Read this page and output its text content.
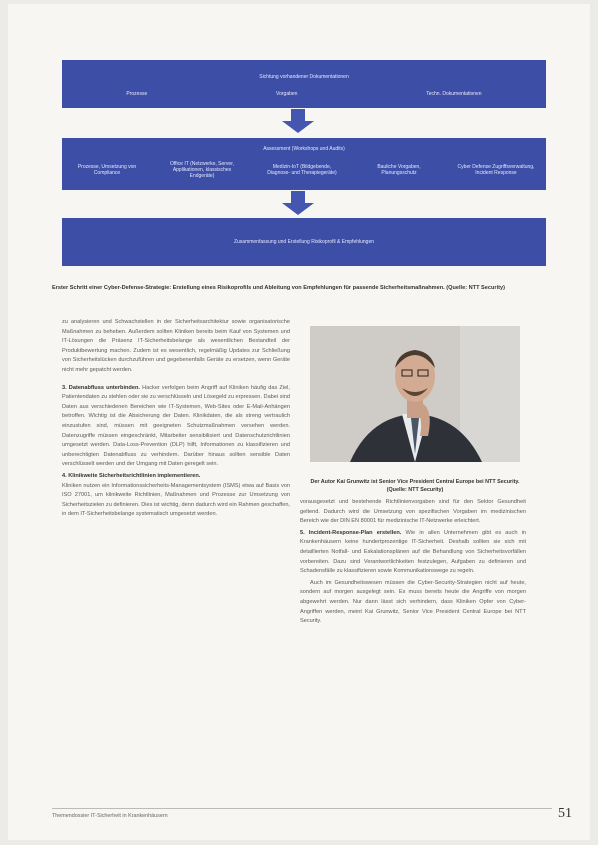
Sichtung vorhandener Dokumentationen
Prozesse	Vorgaben	Techn. Dokumentationen
Assessment (Workshops und Audits)
Prozesse, Umsetzung von Compliance
Office IT (Netzwerke, Server, Applikationen, klassisches Endgeräte)
Medizin-IoT (Bildgebende, Diagnose- und Therapiegeräte)
Bauliche Vorgaben, Planungsschutz
Cyber Defense Zugriffsverwaltung, Incident Response
Zusammenfassung und Erstellung Risikoprofil & Empfehlungen
Erster Schritt einer Cyber-Defense-Strategie: Erstellung eines Risikoprofils und Ableitung von Empfehlungen für passende Sicherheitsmaßnahmen. (Quelle: NTT Security)
zu analysieren und Schwachstellen in der Sicherheitsarchitektur sowie organisatorische Maßnahmen zu beheben. Außerdem sollten Kliniken bereits beim Kauf von Systemen und IT-Lösungen die Präsenz IT-Sicherheitsbelange als wesentlichen Bestandteil der Produktbewertung machen. Zudem ist es wesentlich, regelmäßig Updates zur Schließung von Sicherheitslücken durchzuführen und gegebenenfalls Geräte zu ersetzen, wenn Geräte nicht mehr gepatcht werden.
3. Datenabfluss unterbinden. Hacker verfolgen beim Angriff auf Kliniken häufig das Ziel, Patientendaten zu stehlen oder sie zu verschlüsseln und Lösegeld zu erpressen. Dabei sind Daten aus verschiedenen Bereichen wie IT-Systemen, Web-Sites oder E-Mail-Anhängen betroffen. Wichtig ist die Absicherung der Daten. Klinikdaten, die als streng vertraulich einzustufen sind, müssen mit geeigneten Schutzmaßnahmen versehen werden. Datenzugriffe müssen eingeschränkt, Mitarbeiter sensibilisiert und Datenschutzrichtlinien umgesetzt werden. Data-Loss-Prevention (DLP) hilft, Informationen zu klassifizieren und unberechtigten Datenabfluss zu verhindern. Darüber hinaus sollten sensible Daten verschlüsselt werden und der Umgang mit Daten geregelt sein.
4. Klinikweite Sicherheitsrichtlinien implementieren.
Kliniken nutzen ein Informationssicherheits-Managementsystem (ISMS) etwa auf Basis von ISO 27001, um klinikweite Richtlinien, Maßnahmen und Prozesse zur Umsetzung von Sicherheitszielen zu definieren. Dies ist wichtig, denn dadurch wird ein Rahmen geschaffen, in dem IT-Sicherheitsbelange systematisch umgesetzt werden.
Der Autor Kai Grunwitz ist Senior Vice President Central Europe bei NTT Security. (Quelle: NTT Security)
vorausgesetzt und bestehende Richtlinienvorgaben sind für den Sektor Gesundheit geltend. Dadurch wird die Umsetzung von spezifischen Vorgaben im medizinischen Bereich wie der DIN EN 80001 für medizinische IT-Netzwerke erleichtert.
5. Incident-Response-Plan erstellen. Wie in allen Unternehmen gibt es auch in Krankenhäusern keine hundertprozentige IT-Sicherheit. Deshalb sollten sie sich mit detaillierten Notfall- und Eskalationsplänen auf die Behandlung von Sicherheitsvorfällen vorbereiten. Dazu sind Verantwortlichkeiten festzulegen, Aufgaben zu definieren und Schadensfälle zu klassifizieren sowie Kommunikationswege zu regeln.
Auch im Gesundheitswesen müssen die Cyber-Security-Strategien nicht auf heute, sondern auf morgen ausgelegt sein. Es muss bereits heute die Angriffe von morgen abgewehrt werden. Nur dann lässt sich verhindern, dass Kliniken Opfer von Cyber-Angriffen werden, meint Kai Grunwitz, Senior Vice President Central Europe bei NTT Security.
Themendossier IT-Sicherheit in Krankenhäusern	51
